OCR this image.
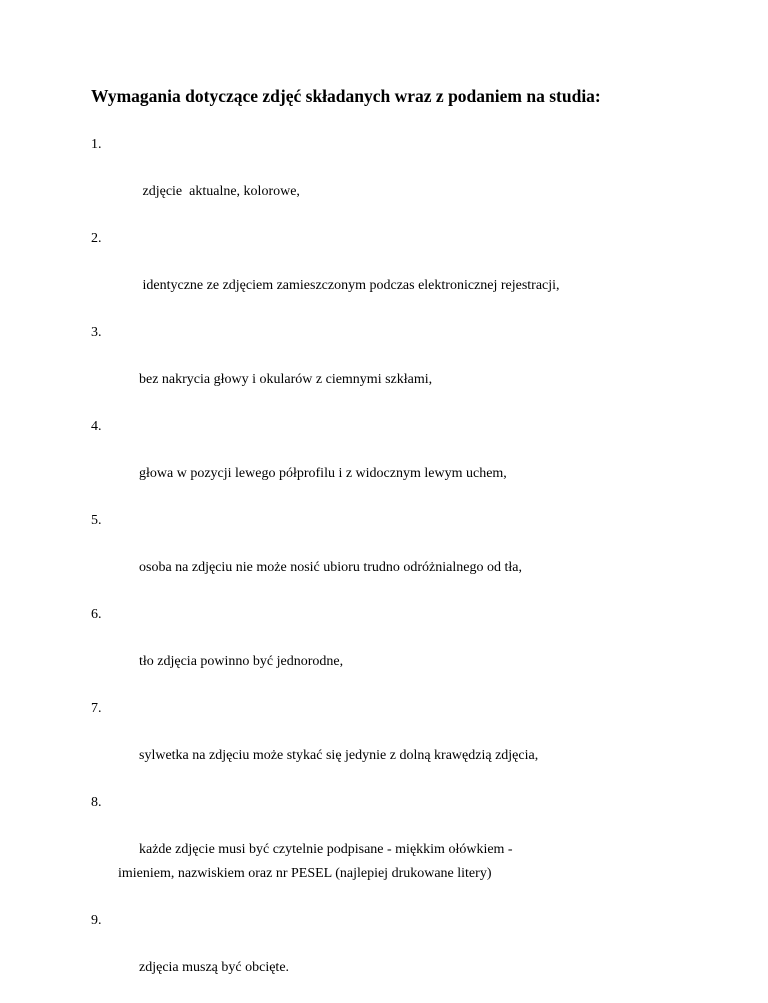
Wymagania dotyczące zdjęć składanych wraz z podaniem na studia:

1.

zdjęcie  aktualne, kolorowe,

2.

identyczne ze zdjęciem zamieszczonym podczas elektronicznej rejestracji,

3.

bez nakrycia głowy i okularów z ciemnymi szkłami,

4.

głowa w pozycji lewego półprofilu i z widocznym lewym uchem,

5.

osoba na zdjęciu nie może nosić ubioru trudno odróżnialnego od tła,

6.

tło zdjęcia powinno być jednorodne,

7.

sylwetka na zdjęciu może stykać się jedynie z dolną krawędzią zdjęcia,

8.

każde zdjęcie musi być czytelnie podpisane - miękkim ołówkiem -
imieniem, nazwiskiem oraz nr PESEL (najlepiej drukowane litery)

9.

zdjęcia muszą być obcięte.
